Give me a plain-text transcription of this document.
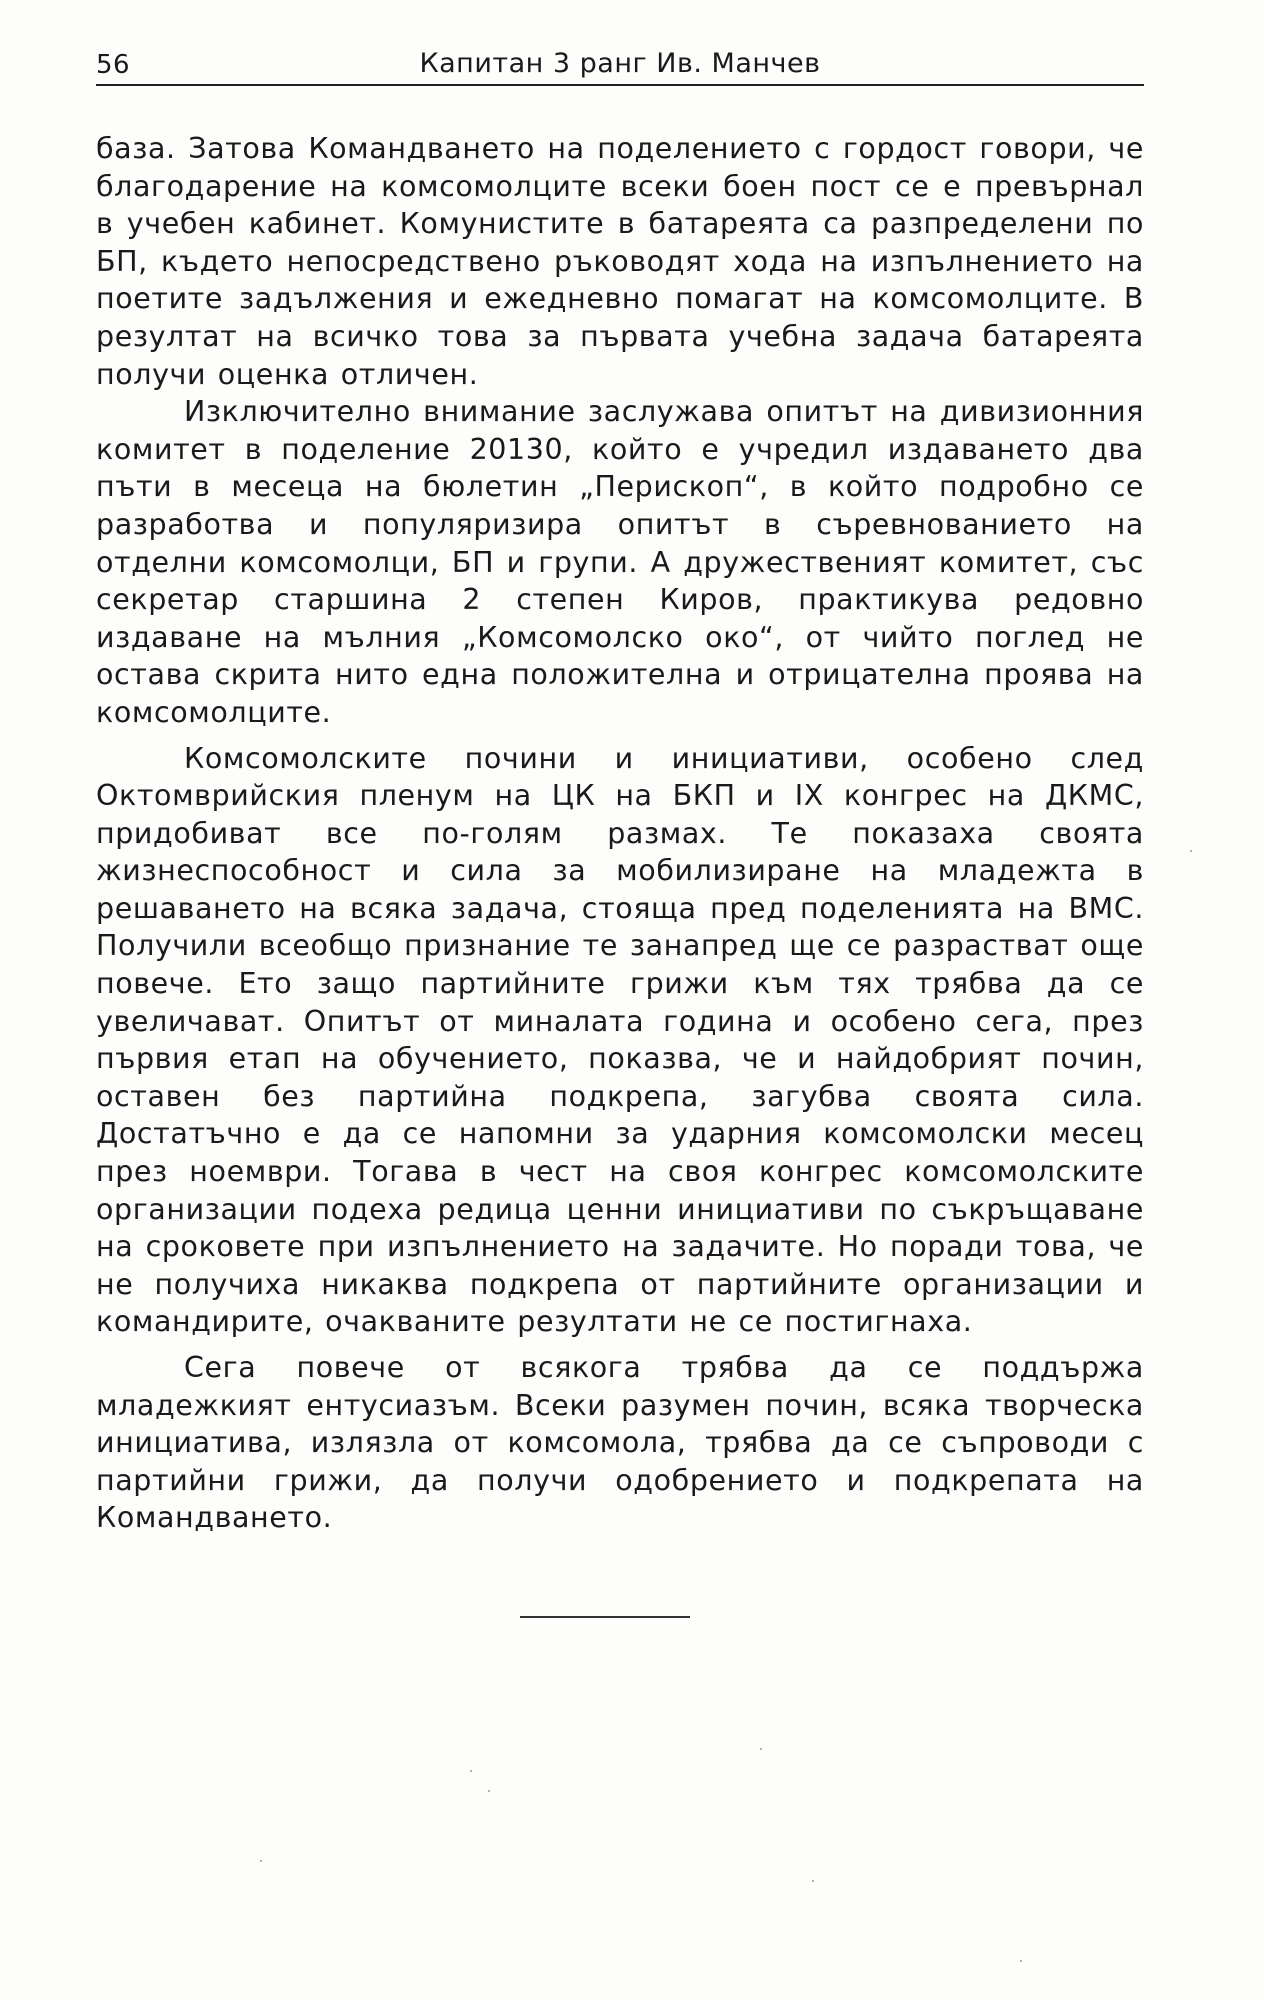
56	Капитан 3 ранг Ив. Манчев

база. Затова Командването на поделението с гордост говори, че благодарение на комсомолците всеки боен пост се е превърнал в учебен кабинет. Комунистите в батареята са разпределени по БП, където непосредствено ръководят хода на изпълнението на поетите задължения и ежедневно помагат на комсомолците. В резултат на всичко това за първата учебна задача батареята получи оценка отличен.

Изключително внимание заслужава опитът на дивизионния комитет в поделение 20130, който е учредил издаването два пъти в месеца на бюлетин „Перископ“, в който подробно се разработва и популяризира опитът в съревнованието на отделни комсомолци, БП и групи. А дружественият комитет, със секретар старшина 2 степен Киров, практикува редовно издаване на мълния „Комсомолско око“, от чийто поглед не остава скрита нито една положителна и отрицателна проява на комсомолците.

Комсомолските почини и инициативи, особено след Октомврийския пленум на ЦК на БКП и IX конгрес на ДКМС, придобиват все по-голям размах. Те показаха своята жизнеспособност и сила за мобилизиране на младежта в решаването на всяка задача, стояща пред поделенията на ВМС. Получили всеобщо признание те занапред ще се разрастват още повече. Ето защо партийните грижи към тях трябва да се увеличават. Опитът от миналата година и особено сега, през първия етап на обучението, показва, че и найдобрият почин, оставен без партийна подкрепа, загубва своята сила. Достатъчно е да се напомни за ударния комсомолски месец през ноември. Тогава в чест на своя конгрес комсомолските организации подеха редица ценни инициативи по съкръщаване на сроковете при изпълнението на задачите. Но поради това, че не получиха никаква подкрепа от партийните организации и командирите, очакваните резултати не се постигнаха.

Сега повече от всякога трябва да се поддържа младежкият ентусиазъм. Всеки разумен почин, всяка творческа инициатива, излязла от комсомола, трябва да се съпроводи с партийни грижи, да получи одобрението и подкрепата на Командването.
